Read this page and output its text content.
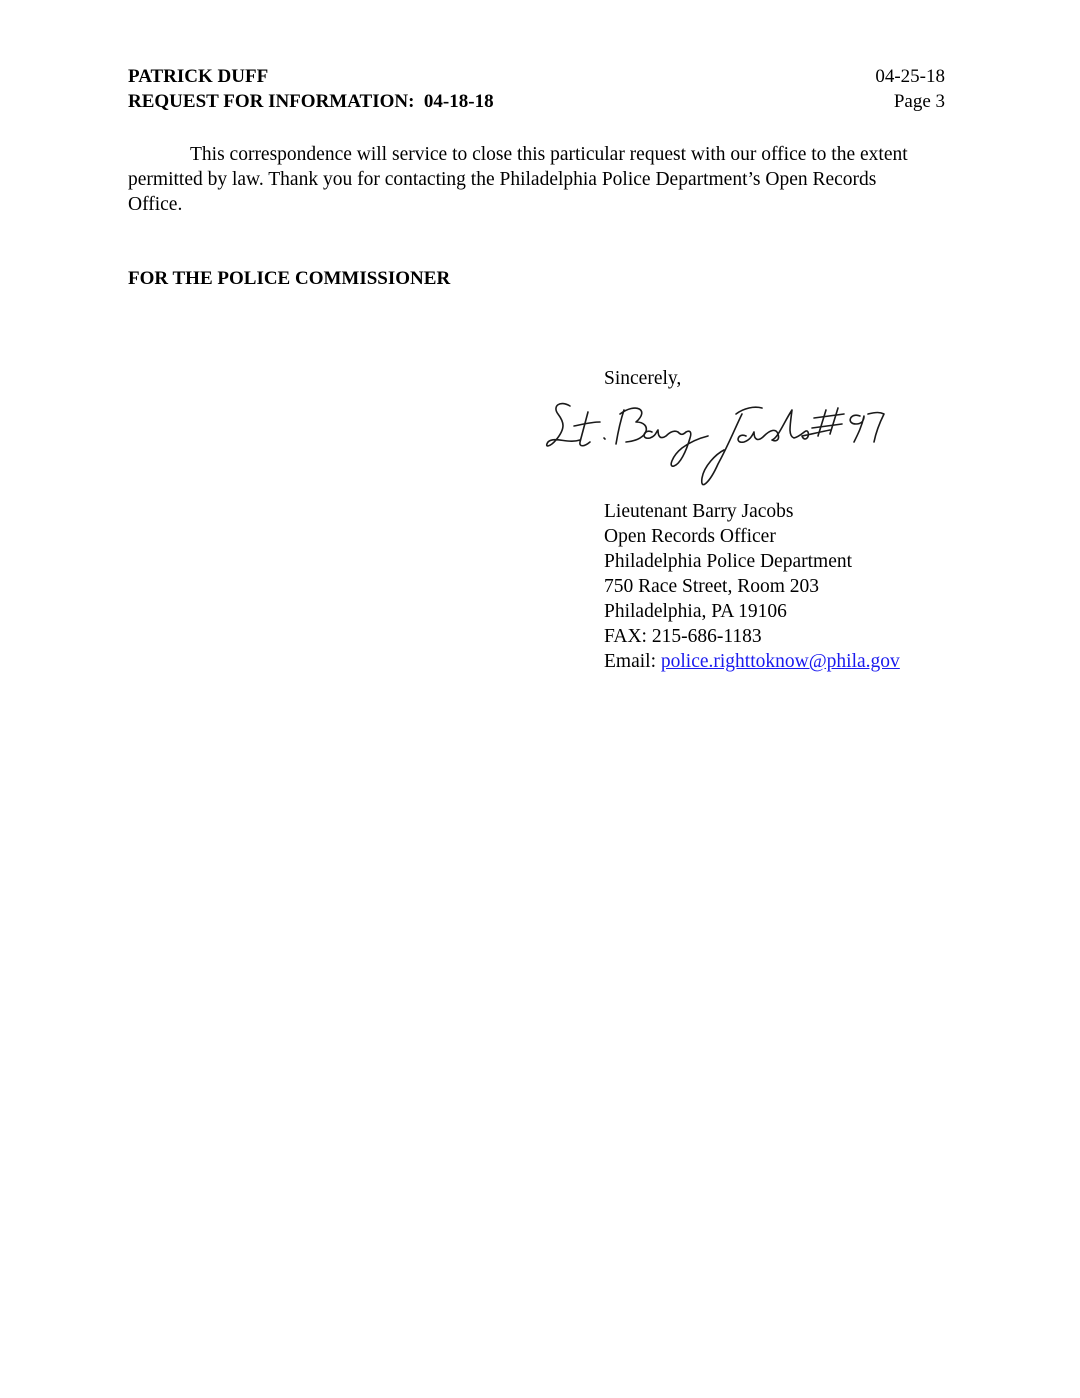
PATRICK DUFF
REQUEST FOR INFORMATION:  04-18-18
04-25-18
Page 3

This correspondence will service to close this particular request with our office to the extent permitted by law. Thank you for contacting the Philadelphia Police Department’s Open Records Office.

FOR THE POLICE COMMISSIONER
Sincerely,
Lieutenant Barry Jacobs
Open Records Officer
Philadelphia Police Department
750 Race Street, Room 203
Philadelphia, PA 19106
FAX: 215-686-1183
Email: police.righttoknow@phila.gov
